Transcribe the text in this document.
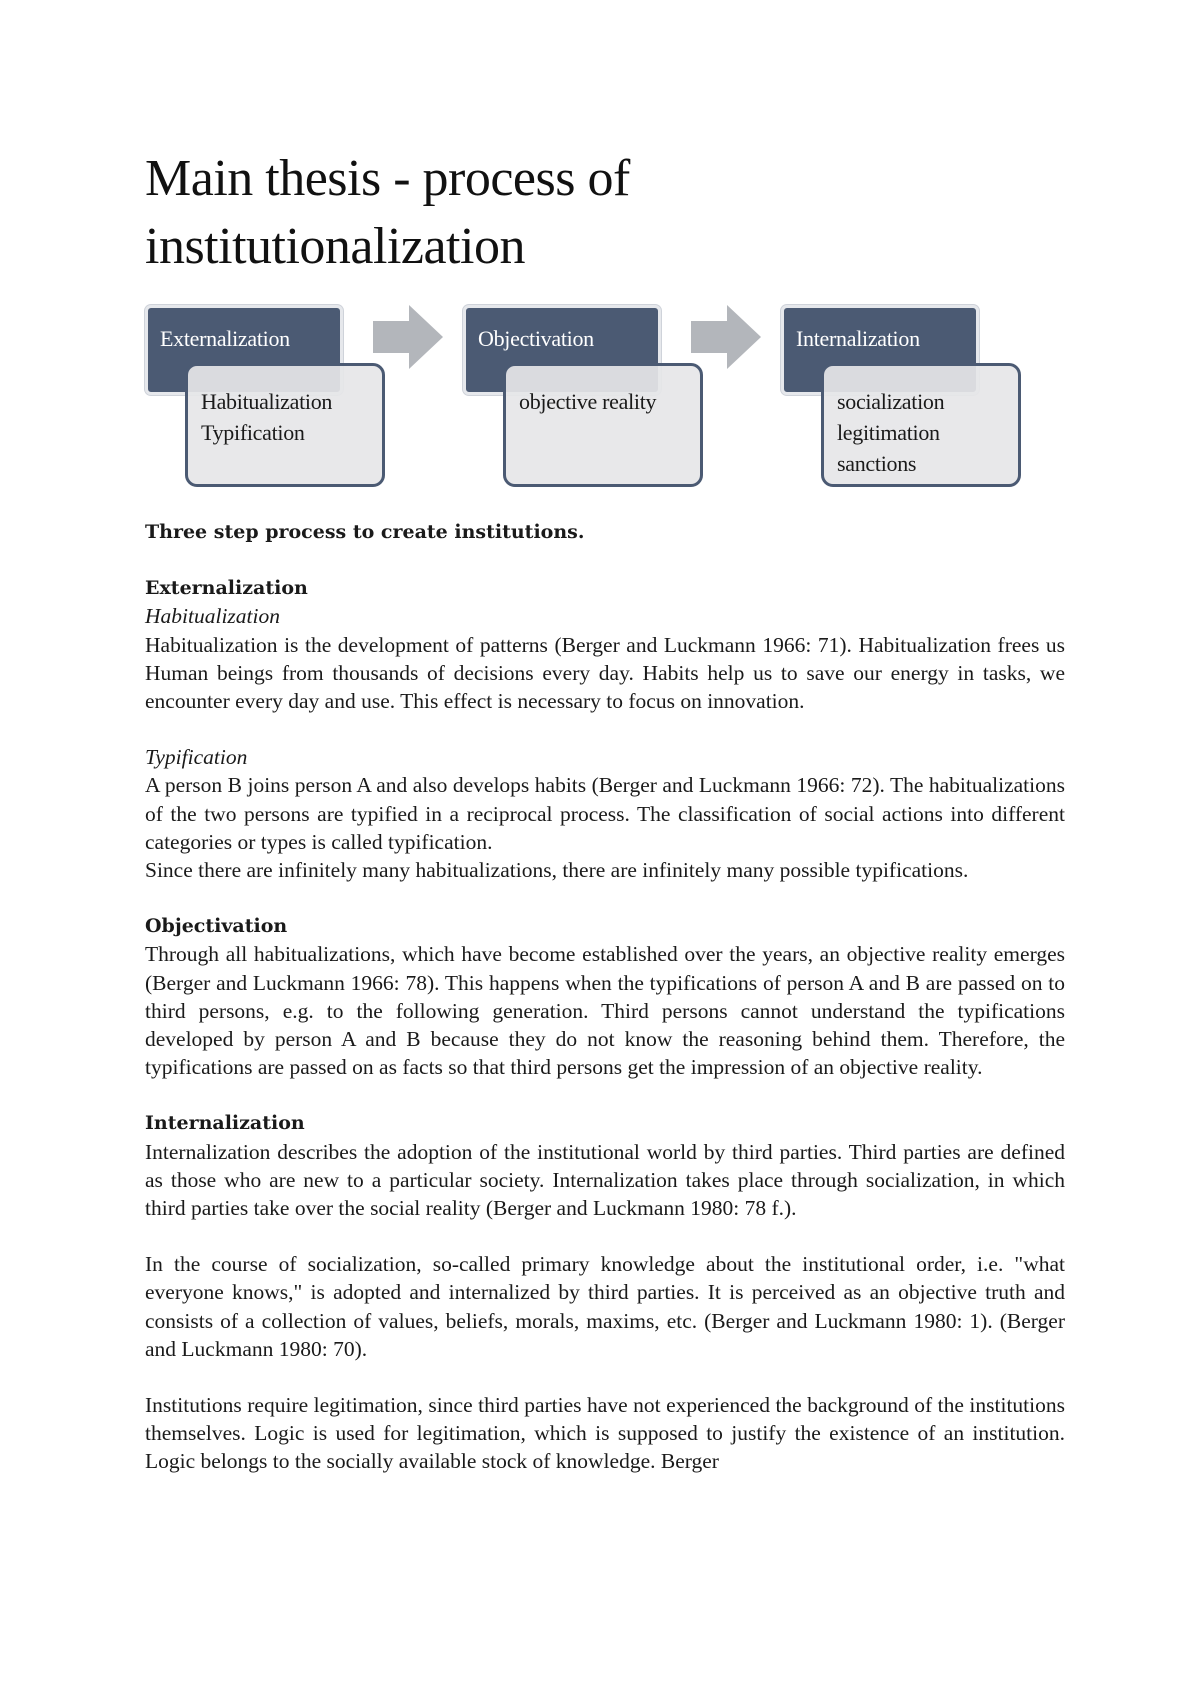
Main thesis - process of institutionalization
Externalization
Habitualization
Typification
Objectivation
objective reality
Internalization
socialization
legitimation
sanctions
Three step process to create institutions.
Externalization
Habitualization

Habitualization is the development of patterns (Berger and Luckmann 1966: 71). Habitualization frees us Human beings from thousands of decisions every day. Habits help us to save our energy in tasks, we encounter every day and use. This effect is necessary to focus on innovation.

Typification

A person B joins person A and also develops habits (Berger and Luckmann 1966: 72). The habitualizations of the two persons are typified in a reciprocal process. The classification of social actions into different categories or types is called typification.

Since there are infinitely many habitualizations, there are infinitely many possible typifications.

Objectivation

Through all habitualizations, which have become established over the years, an objective reality emerges (Berger and Luckmann 1966: 78). This happens when the typifications of person A and B are passed on to third persons, e.g. to the following generation. Third persons cannot understand the typifications developed by person A and B because they do not know the reasoning behind them. Therefore, the typifications are passed on as facts so that third persons get the impression of an objective reality.

Internalization

Internalization describes the adoption of the institutional world by third parties. Third parties are defined as those who are new to a particular society. Internalization takes place through socialization, in which third parties take over the social reality (Berger and Luckmann 1980: 78 f.).

In the course of socialization, so-called primary knowledge about the institutional order, i.e. "what everyone knows," is adopted and internalized by third parties. It is perceived as an objective truth and consists of a collection of values, beliefs, morals, maxims, etc. (Berger and Luckmann 1980: 1). (Berger and Luckmann 1980: 70).

Institutions require legitimation, since third parties have not experienced the background of the institutions themselves. Logic is used for legitimation, which is supposed to justify the existence of an institution. Logic belongs to the socially available stock of knowledge. Berger
